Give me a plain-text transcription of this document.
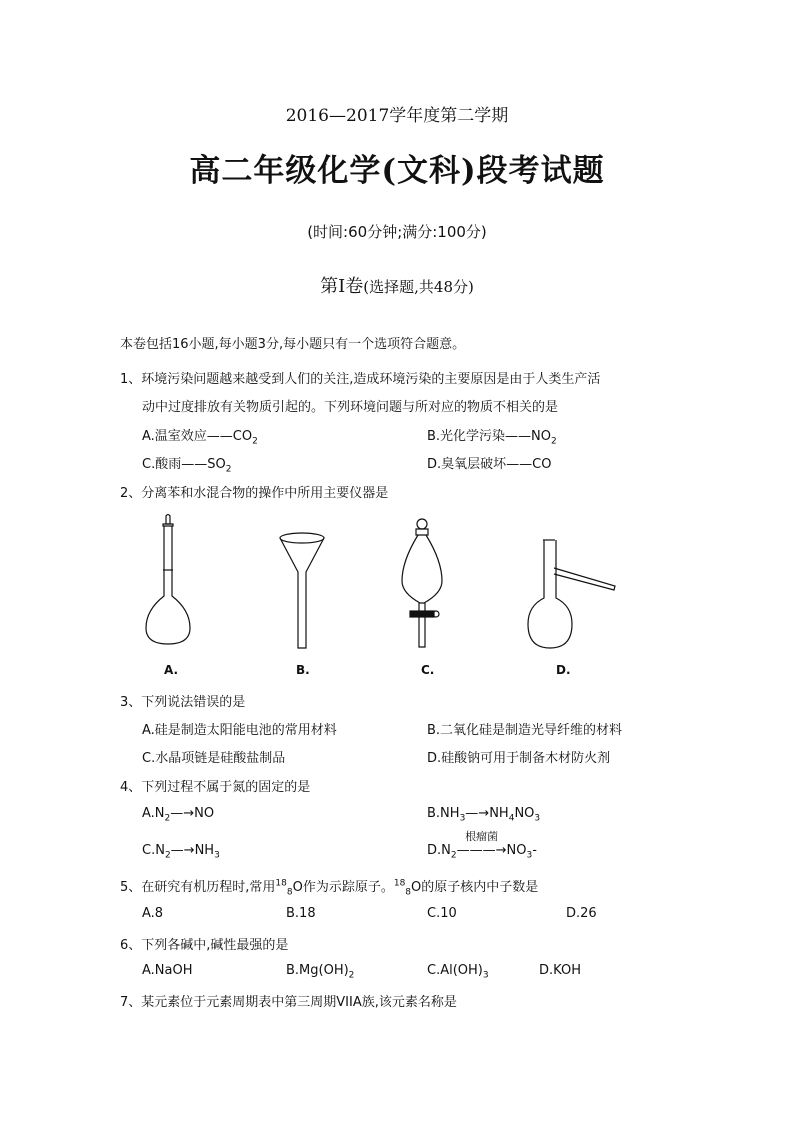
2016—2017学年度第二学期
高二年级化学(文科)段考试题
(时间:60分钟;满分:100分)
第Ⅰ卷(选择题,共48分)
本卷包括16小题,每小题3分,每小题只有一个选项符合题意。
1、环境污染问题越来越受到人们的关注,造成环境污染的主要原因是由于人类生产活
动中过度排放有关物质引起的。下列环境问题与所对应的物质不相关的是
A.温室效应$——CO_2$	B.光化学污染$——NO_2$
C.酸雨$——SO_2$	D.臭氧层破坏——CO
2、分离苯和水混合物的操作中所用主要仪器是
A.	B.	C.	D.
3、下列说法错误的是
A.硅是制造太阳能电池的常用材料	B.二氧化硅是制造光导纤维的材料
C.水晶项链是硅酸盐制品	D.硅酸钠可用于制备木材防火剂
4、下列过程不属于氮的固定的是
$A.N_2—\to NO$	$B.NH_3—\to NH_4NO_3$
$C.N_2—\to NH_3$	$D.N_2$
根瘤菌
$———\to NO_3-$
5、在研究有机历程时,常用$^{18}_8$O作为示踪原子。$^{18}_8$O的原子核内中子数是
A.8	B.18	C.10	D.26
6、下列各碱中,碱性最强的是
A.NaOH	$B.Mg(OH)_2$	$C.Al(OH)_3$	D.KOH
7、某元素位于元素周期表中第三周期VIIA族,该元素名称是
